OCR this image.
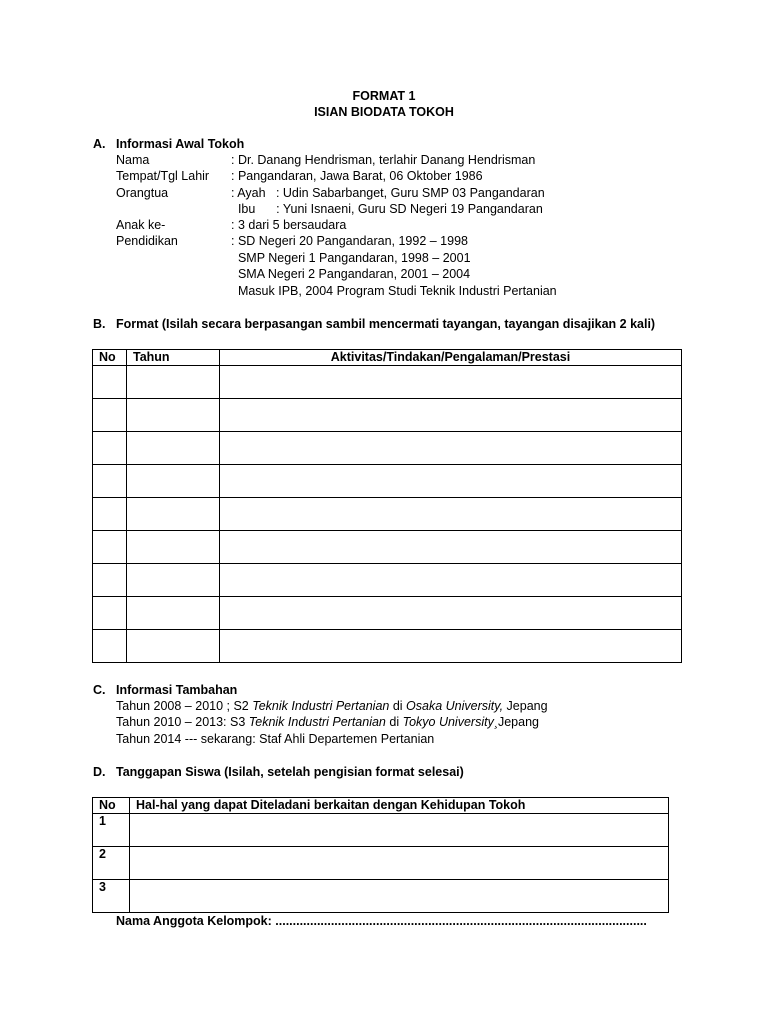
FORMAT 1
ISIAN BIODATA TOKOH
A. Informasi Awal Tokoh
Nama	: Dr. Danang Hendrisman, terlahir Danang Hendrisman
Tempat/Tgl Lahir : Pangandaran, Jawa Barat, 06 Oktober 1986
Orangtua	: Ayah   : Udin Sabarbanget, Guru SMP 03 Pangandaran
Ibu      : Yuni Isnaeni, Guru SD Negeri 19 Pangandaran
Anak ke-	: 3 dari 5 bersaudara
Pendidikan	: SD Negeri 20 Pangandaran, 1992 – 1998
SMP Negeri 1 Pangandaran, 1998 – 2001
SMA Negeri 2 Pangandaran, 2001 – 2004
Masuk IPB, 2004 Program Studi Teknik Industri Pertanian
B. Format (Isilah secara berpasangan sambil mencermati tayangan, tayangan disajikan 2 kali)
No	Tahun	Aktivitas/Tindakan/Pengalaman/Prestasi

C. Informasi Tambahan
Tahun 2008 – 2010 ; S2 Teknik Industri Pertanian di Osaka University, Jepang
Tahun 2010 – 2013: S3 Teknik Industri Pertanian di Tokyo University¸Jepang
Tahun 2014 --- sekarang: Staf Ahli Departemen Pertanian
D. Tanggapan Siswa (Isilah, setelah pengisian format selesai)
No	Hal-hal yang dapat Diteladani berkaitan dengan Kehidupan Tokoh
1	
2	
3	
Nama Anggota Kelompok: ...........................................................................................................
